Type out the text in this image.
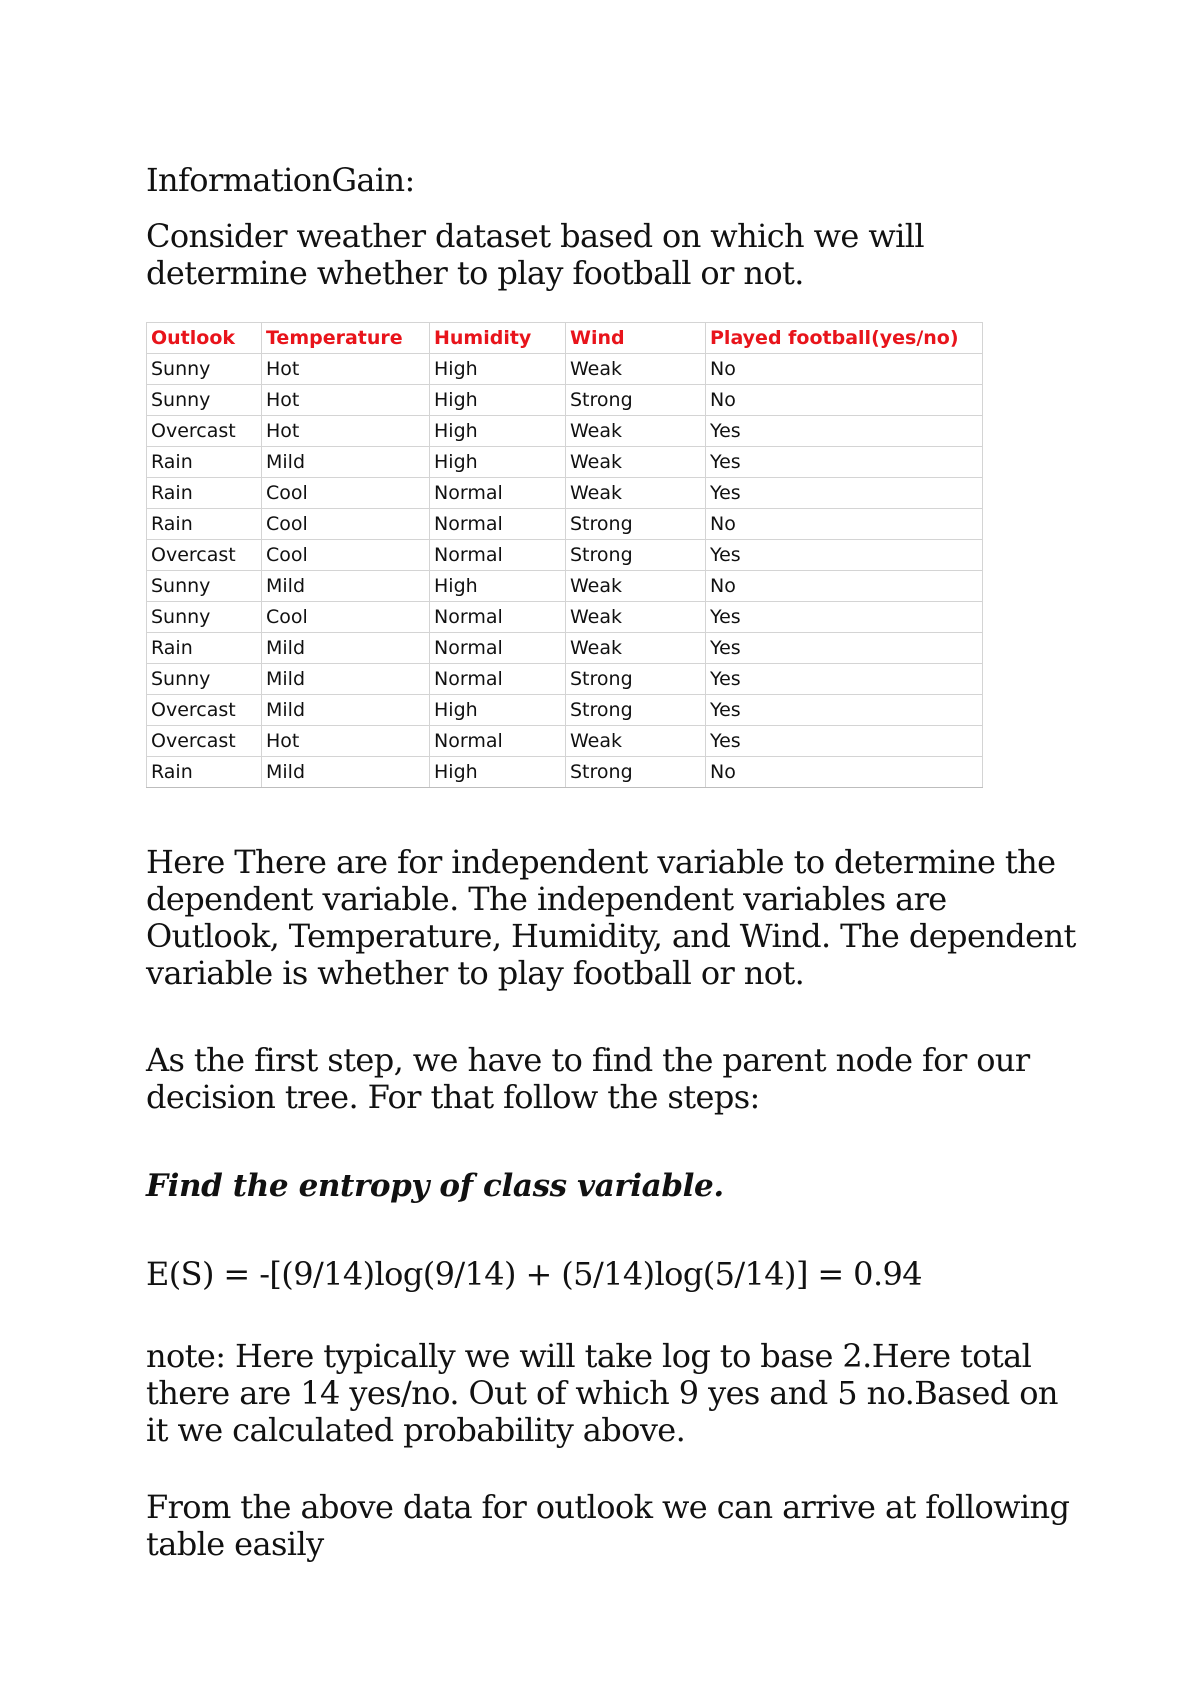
InformationGain:

Consider weather dataset based on which we will determine whether to play football or not.

Outlook	Temperature	Humidity	Wind	Played football(yes/no)
Sunny	Hot	High	Weak	No
Sunny	Hot	High	Strong	No
Overcast	Hot	High	Weak	Yes
Rain	Mild	High	Weak	Yes
Rain	Cool	Normal	Weak	Yes
Rain	Cool	Normal	Strong	No
Overcast	Cool	Normal	Strong	Yes
Sunny	Mild	High	Weak	No
Sunny	Cool	Normal	Weak	Yes
Rain	Mild	Normal	Weak	Yes
Sunny	Mild	Normal	Strong	Yes
Overcast	Mild	High	Strong	Yes
Overcast	Hot	Normal	Weak	Yes
Rain	Mild	High	Strong	No

Here There are for independent variable to determine the dependent variable. The independent variables are Outlook, Temperature, Humidity, and Wind. The dependent variable is whether to play football or not.

As the first step, we have to find the parent node for our decision tree. For that follow the steps:

Find the entropy of class variable.

E(S) = -[(9/14)log(9/14) + (5/14)log(5/14)] = 0.94

note: Here typically we will take log to base 2.Here total there are 14 yes/no. Out of which 9 yes and 5 no.Based on it we calculated probability above.

From the above data for outlook we can arrive at following table easily
